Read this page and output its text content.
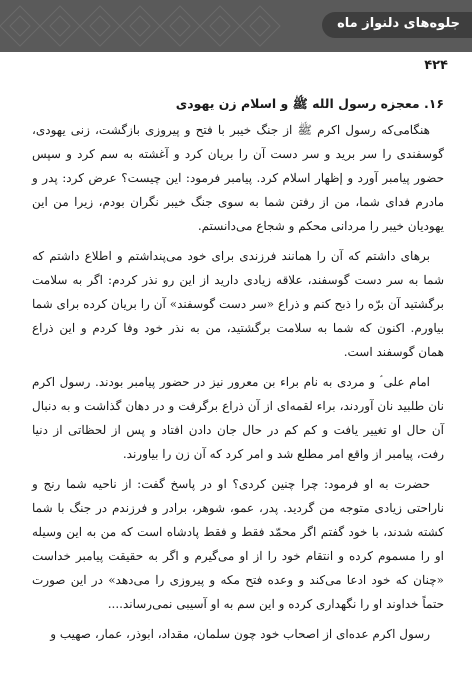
جلوه‌های دلنواز ماه
۴۲۴

۱۶. معجزه رسول الله ﷺ و اسلام زن یهودی

هنگامی‌که رسول اکرم ﷺ از جنگ خیبر با فتح و پیروزی بازگشت، زنی یهودی، گوسفندی را سر برید و سر دست آن را بریان کرد و آغشته به سم کرد و سپس حضور پیامبر آورد و إظهار اسلام کرد. پیامبر فرمود: این چیست؟ عرض کرد: پدر و مادرم فدای شما، من از رفتن شما به سوی جنگ خیبر نگران بودم، زیرا من این یهودیان خیبر را مردانی محکم و شجاع می‌دانستم.

برهای داشتم که آن را همانند فرزندی برای خود می‌پنداشتم و اطلاع داشتم که شما به سر دست گوسفند، علاقه زیادی دارید از این رو نذر کردم: اگر به سلامت برگشتید آن برّه را ذبح کنم و ذراع «سر دست گوسفند» آن را بریان کرده برای شما بیاورم. اکنون که شما به سلامت برگشتید، من به نذر خود وفا کردم و این ذراع همان گوسفند است.

امام علی ؑ و مردی به نام براء بن معرور نیز در حضور پیامبر بودند. رسول اکرم نان طلبید نان آوردند، براء لقمه‌ای از آن ذراع برگرفت و در دهان گذاشت و به دنبال آن حال او تغییر یافت و کم کم در حال جان دادن افتاد و پس از لحظاتی از دنیا رفت، پیامبر از واقع امر مطلع شد و امر کرد که آن زن را بیاورند.

حضرت به او فرمود: چرا چنین کردی؟ او در پاسخ گفت: از ناحیه شما رنج و ناراحتی زیادی متوجه من گردید. پدر، عمو، شوهر، برادر و فرزندم در جنگ با شما کشته شدند، با خود گفتم اگر محمّد فقط و فقط پادشاه است که من به این وسیله او را مسموم کرده و انتقام خود را از او می‌گیرم و اگر به حقیقت پیامبر خداست «چنان که خود ادعا می‌کند و وعده فتح مکه و پیروزی را می‌دهد» در این صورت حتماً خداوند او را نگهداری کرده و این سم به او آسیبی نمی‌رساند....

رسول اکرم عده‌ای از اصحاب خود چون سلمان، مقداد، ابوذر، عمار، صهیب و
